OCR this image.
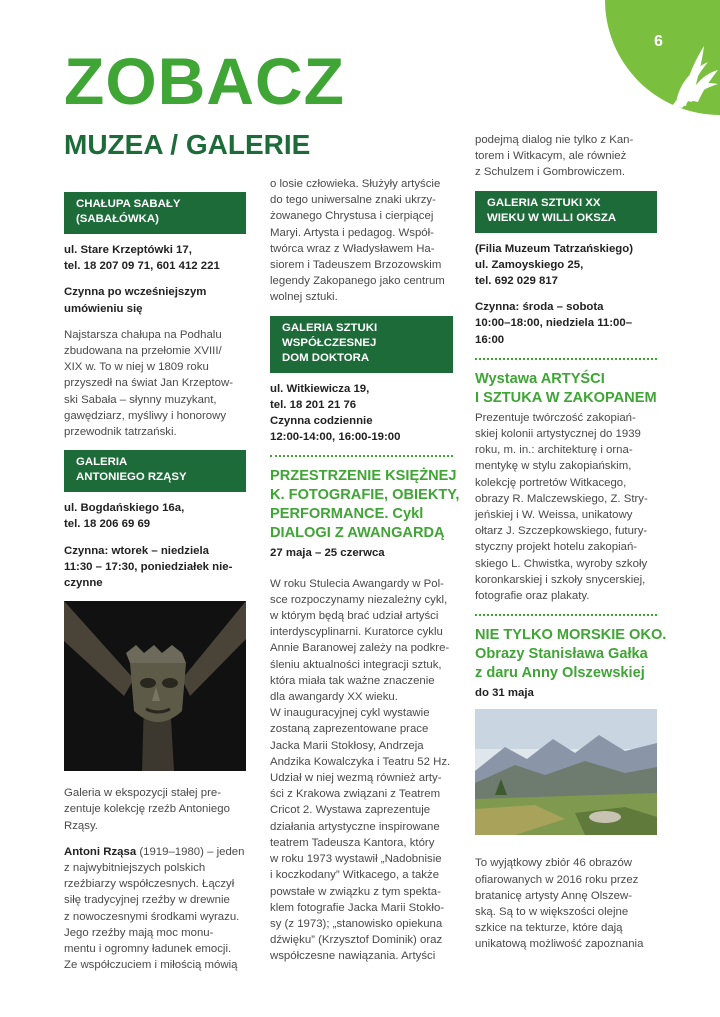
6
ZOBACZ
MUZEA / GALERIE
CHAŁUPA SABAŁY
(SABAŁÓWKA)

ul. Stare Krzeptówki 17,
tel. 18 207 09 71, 601 412 221

Czynna po wcześniejszym
umówieniu się

Najstarsza chałupa na Podhalu
zbudowana na przełomie XVIII/
XIX w. To w niej w 1809 roku
przyszedł na świat Jan Krzeptow-
ski Sabała – słynny muzykant,
gawędziarz, myśliwy i honorowy
przewodnik tatrzański.

GALERIA
ANTONIEGO RZĄSY

ul. Bogdańskiego 16a,
tel. 18 206 69 69

Czynna: wtorek – niedziela
11:30 – 17:30, poniedziałek nie-
czynne

Galeria w ekspozycji stałej pre-
zentuje kolekcję rzeźb Antoniego
Rząsy.

Antoni Rząsa (1919–1980) – jeden
z najwybitniejszych polskich
rzeźbiarzy współczesnych. Łączył
siłę tradycyjnej rzeźby w drewnie
z nowoczesnymi środkami wyrazu.
Jego rzeźby mają moc monu-
mentu i ogromny ładunek emocji.
Ze współczuciem i miłością mówią

o losie człowieka. Służyły artyście
do tego uniwersalne znaki ukrzy-
żowanego Chrystusa i cierpiącej
Maryi. Artysta i pedagog. Współ-
twórca wraz z Władysławem Ha-
siorem i Tadeuszem Brzozowskim
legendy Zakopanego jako centrum
wolnej sztuki.

GALERIA SZTUKI
WSPÓŁCZESNEJ
DOM DOKTORA

ul. Witkiewicza 19,
tel. 18 201 21 76
Czynna codziennie
12:00-14:00, 16:00-19:00

PRZESTRZENIE KSIĘŻNEJ
K. FOTOGRAFIE, OBIEKTY,
PERFORMANCE. Cykl
DIALOGI Z AWANGARDĄ

27 maja – 25 czerwca

W roku Stulecia Awangardy w Pol-
sce rozpoczynamy niezależny cykl,
w którym będą brać udział artyści
interdyscyplinarni. Kuratorce cyklu
Annie Baranowej zależy na podkre-
śleniu aktualności integracji sztuk,
która miała tak ważne znaczenie
dla awangardy XX wieku.
W inauguracyjnej cykl wystawie
zostaną zaprezentowane prace
Jacka Marii Stokłosy, Andrzeja
Andzika Kowalczyka i Teatru 52 Hz.
Udział w niej wezmą również arty-
ści z Krakowa związani z Teatrem
Cricot 2. Wystawa zaprezentuje
działania artystyczne inspirowane
teatrem Tadeusza Kantora, który
w roku 1973 wystawił „Nadobnisie
i koczkodany” Witkacego, a także
powstałe w związku z tym spekta-
klem fotografie Jacka Marii Stokło-
sy (z 1973); „stanowisko opiekuna
dźwięku” (Krzysztof Dominik) oraz
współczesne nawiązania. Artyści

podejmą dialog nie tylko z Kan-
torem i Witkacym, ale również
z Schulzem i Gombrowiczem.

GALERIA SZTUKI XX
WIEKU W WILLI OKSZA

(Filia Muzeum Tatrzańskiego)
ul. Zamoyskiego 25,
tel. 692 029 817

Czynna: środa – sobota
10:00–18:00, niedziela 11:00–16:00

Wystawa ARTYŚCI
I SZTUKA W ZAKOPANEM

Prezentuje twórczość zakopiań-
skiej kolonii artystycznej do 1939
roku, m. in.: architekturę i orna-
mentykę w stylu zakopiańskim,
kolekcję portretów Witkacego,
obrazy R. Malczewskiego, Z. Stry-
jeńskiej i W. Weissa, unikatowy
ołtarz J. Szczepkowskiego, futury-
styczny projekt hotelu zakopiań-
skiego L. Chwistka, wyroby szkoły
koronkarskiej i szkoły snycerskiej,
fotografie oraz plakaty.

NIE TYLKO MORSKIE OKO.
Obrazy Stanisława Gałka
z daru Anny Olszewskiej

do 31 maja

To wyjątkowy zbiór 46 obrazów
ofiarowanych w 2016 roku przez
bratanicę artysty Annę Olszew-
ską. Są to w większości olejne
szkice na tekturze, które dają
unikatową możliwość zapoznania
